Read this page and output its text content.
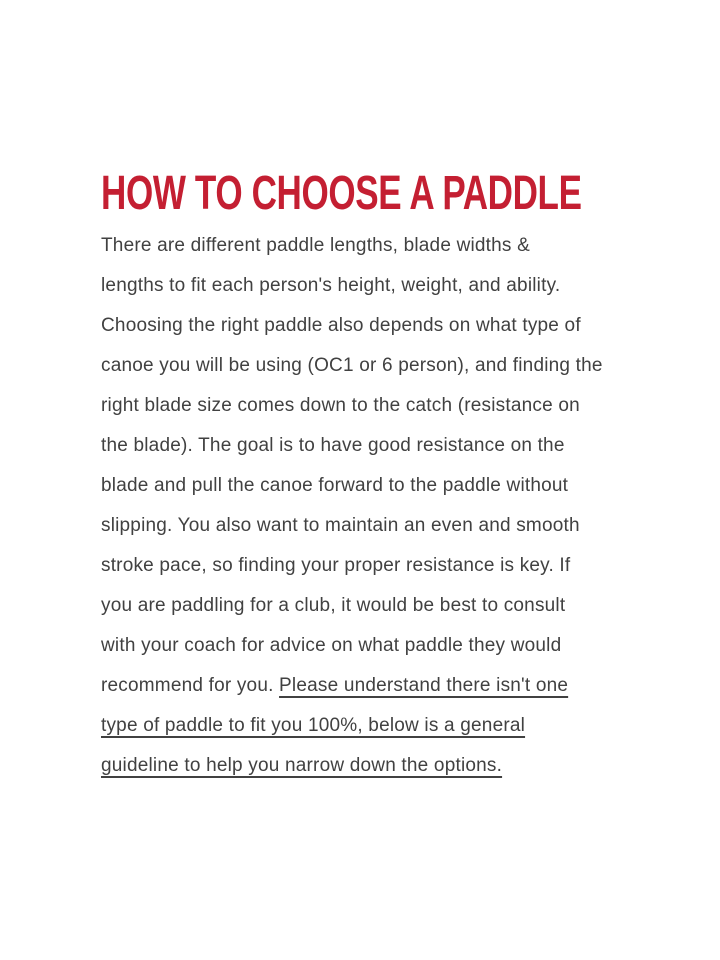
HOW TO CHOOSE A PADDLE
There are different paddle lengths, blade widths &
lengths to fit each person's height, weight, and ability.
Choosing the right paddle also depends on what type of
canoe you will be using (OC1 or 6 person), and finding the
right blade size comes down to the catch (resistance on
the blade). The goal is to have good resistance on the
blade and pull the canoe forward to the paddle without
slipping. You also want to maintain an even and smooth
stroke pace, so finding your proper resistance is key. If
you are paddling for a club, it would be best to consult
with your coach for advice on what paddle they would
recommend for you. Please understand there isn't one
type of paddle to fit you 100%, below is a general
guideline to help you narrow down the options.
